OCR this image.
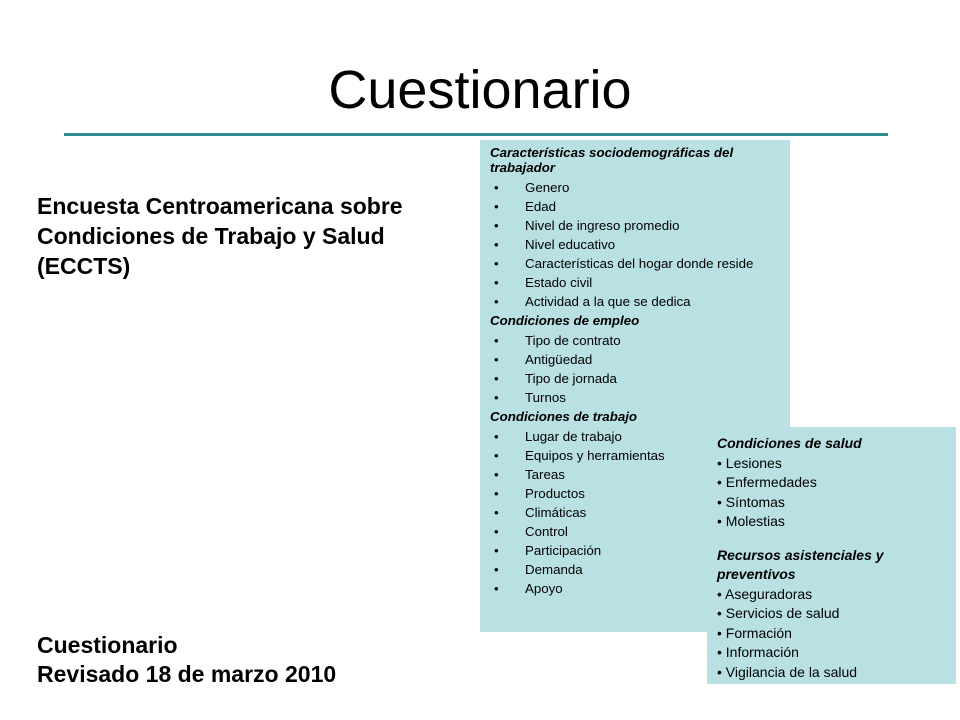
Cuestionario
Encuesta Centroamericana sobre
Condiciones de Trabajo y Salud
(ECCTS)
Cuestionario
Revisado 18 de marzo 2010
Características sociodemográficas del trabajador
• Genero
• Edad
• Nivel de ingreso promedio
• Nivel educativo
• Características del hogar donde reside
• Estado civil
• Actividad a la que se dedica
Condiciones de empleo
• Tipo de contrato
• Antigüedad
• Tipo de jornada
• Turnos
Condiciones de trabajo
• Lugar de trabajo
• Equipos y herramientas
• Tareas
• Productos
• Climáticas
• Control
• Participación
• Demanda
• Apoyo
Condiciones de salud
• Lesiones
• Enfermedades
• Síntomas
• Molestias
Recursos asistenciales y
preventivos
• Aseguradoras
• Servicios de salud
• Formación
• Información
• Vigilancia de la salud
